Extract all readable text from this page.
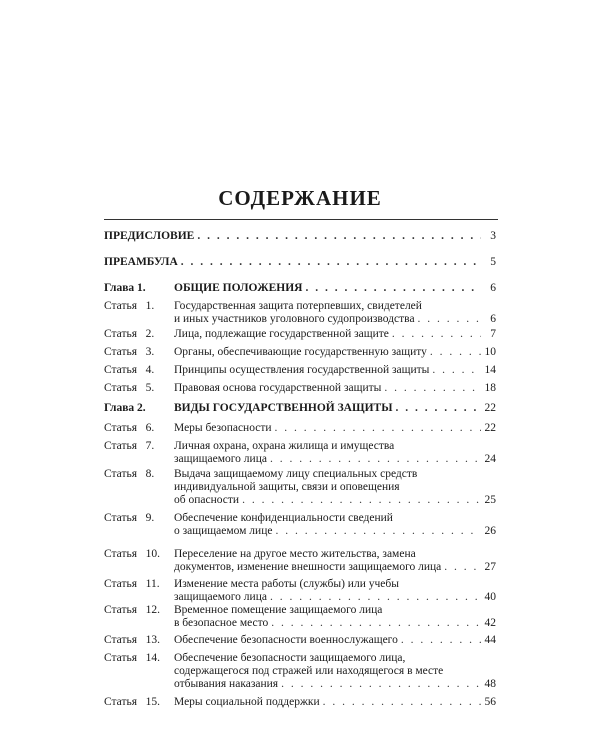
СОДЕРЖАНИЕ
ПРЕДИСЛОВИЕ . . .	3
ПРЕАМБУЛА . . .	5
Глава 1. ОБЩИЕ ПОЛОЖЕНИЯ . . .	6
Статья   1. Государственная защита потерпевших, свидетелей
и иных участников уголовного судопроизводства . . .	6
Статья   2. Лица, подлежащие государственной защите . . .	7
Статья   3. Органы, обеспечивающие государственную защиту . . .	10
Статья   4. Принципы осуществления государственной защиты . . .	14
Статья   5. Правовая основа государственной защиты . . .	18
Глава 2. ВИДЫ ГОСУДАРСТВЕННОЙ ЗАЩИТЫ . . .	22
Статья   6. Меры безопасности . . .	22
Статья   7. Личная охрана, охрана жилища и имущества
защищаемого лица . . .	24
Статья   8. Выдача защищаемому лицу специальных средств
индивидуальной защиты, связи и оповещения
об опасности . . .	25
Статья   9. Обеспечение конфиденциальности сведений
о защищаемом лице . . .	26
Статья   10. Переселение на другое место жительства, замена
документов, изменение внешности защищаемого лица . . .	27
Статья   11. Изменение места работы (службы) или учебы
защищаемого лица . . .	40
Статья   12. Временное помещение защищаемого лица
в безопасное место . . .	42
Статья   13. Обеспечение безопасности военнослужащего . . .	44
Статья   14. Обеспечение безопасности защищаемого лица,
содержащегося под стражей или находящегося в месте
отбывания наказания . . .	48
Статья   15. Меры социальной поддержки . . .	56
